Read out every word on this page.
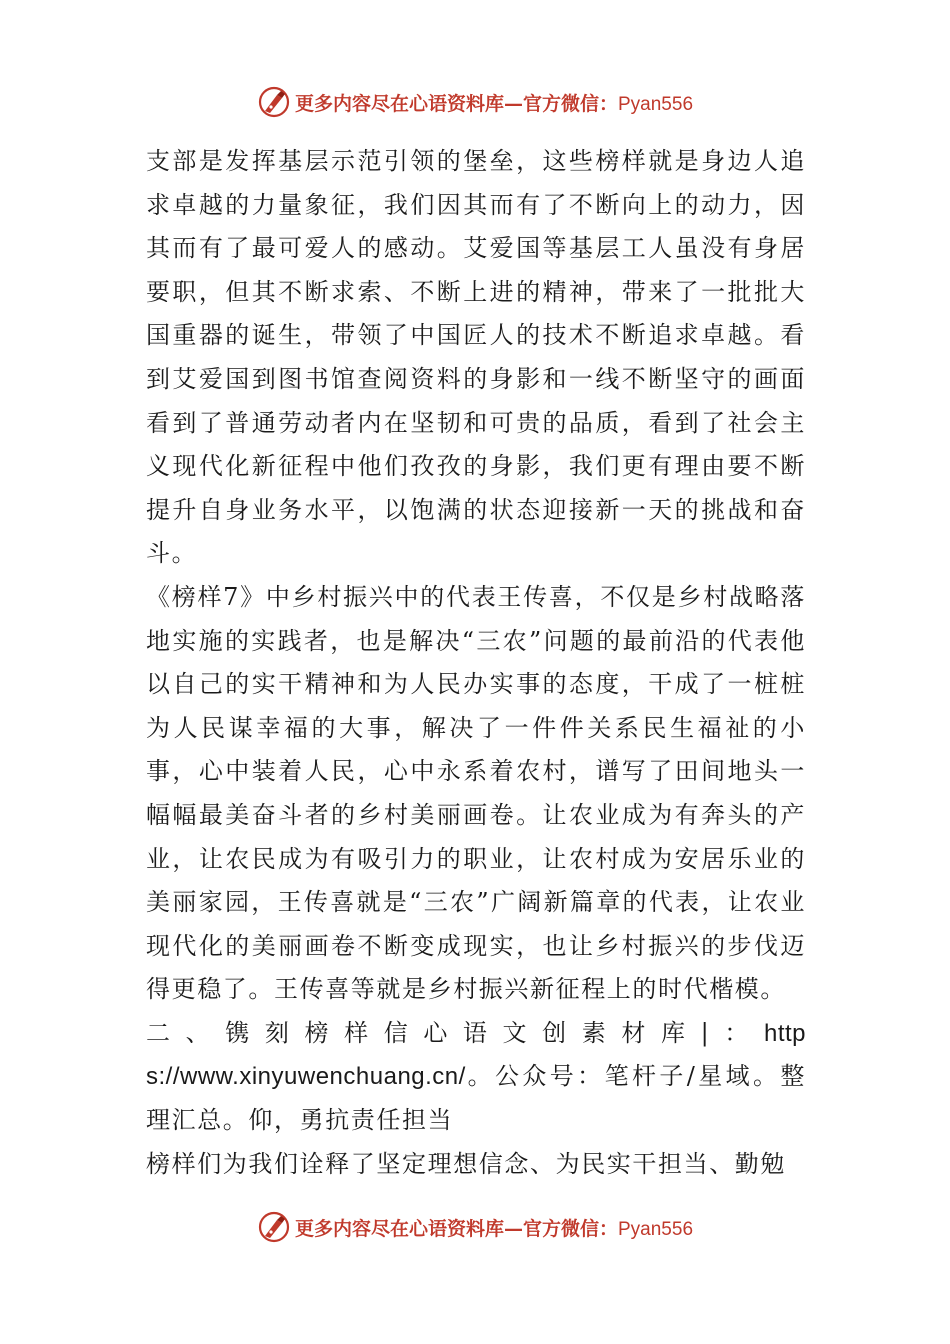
更多内容尽在心语资料库—官方微信：Pyan556

支部是发挥基层示范引领的堡垒，这些榜样就是身边人追求卓越的力量象征，我们因其而有了不断向上的动力，因其而有了最可爱人的感动。艾爱国等基层工人虽没有身居要职，但其不断求索、不断上进的精神，带来了一批批大国重器的诞生，带领了中国匠人的技术不断追求卓越。看到艾爱国到图书馆查阅资料的身影和一线不断坚守的画面看到了普通劳动者内在坚韧和可贵的品质，看到了社会主义现代化新征程中他们孜孜的身影，我们更有理由要不断提升自身业务水平，以饱满的状态迎接新一天的挑战和奋斗。

《榜样7》中乡村振兴中的代表王传喜，不仅是乡村战略落地实施的实践者，也是解决“三农”问题的最前沿的代表他以自己的实干精神和为人民办实事的态度，干成了一桩桩为人民谋幸福的大事，解决了一件件关系民生福祉的小事，心中装着人民，心中永系着农村，谱写了田间地头一幅幅最美奋斗者的乡村美丽画卷。让农业成为有奔头的产业，让农民成为有吸引力的职业，让农村成为安居乐业的美丽家园，王传喜就是“三农”广阔新篇章的代表，让农业现代化的美丽画卷不断变成现实，也让乡村振兴的步伐迈得更稳了。王传喜等就是乡村振兴新征程上的时代楷模。

二、镌刻榜样信心语文创素材库|：https://www.xinyuwenchuang.cn/。公众号：笔杆子/星域。整理汇总。仰，勇抗责任担当

榜样们为我们诠释了坚定理想信念、为民实干担当、勤勉

更多内容尽在心语资料库—官方微信：Pyan556
